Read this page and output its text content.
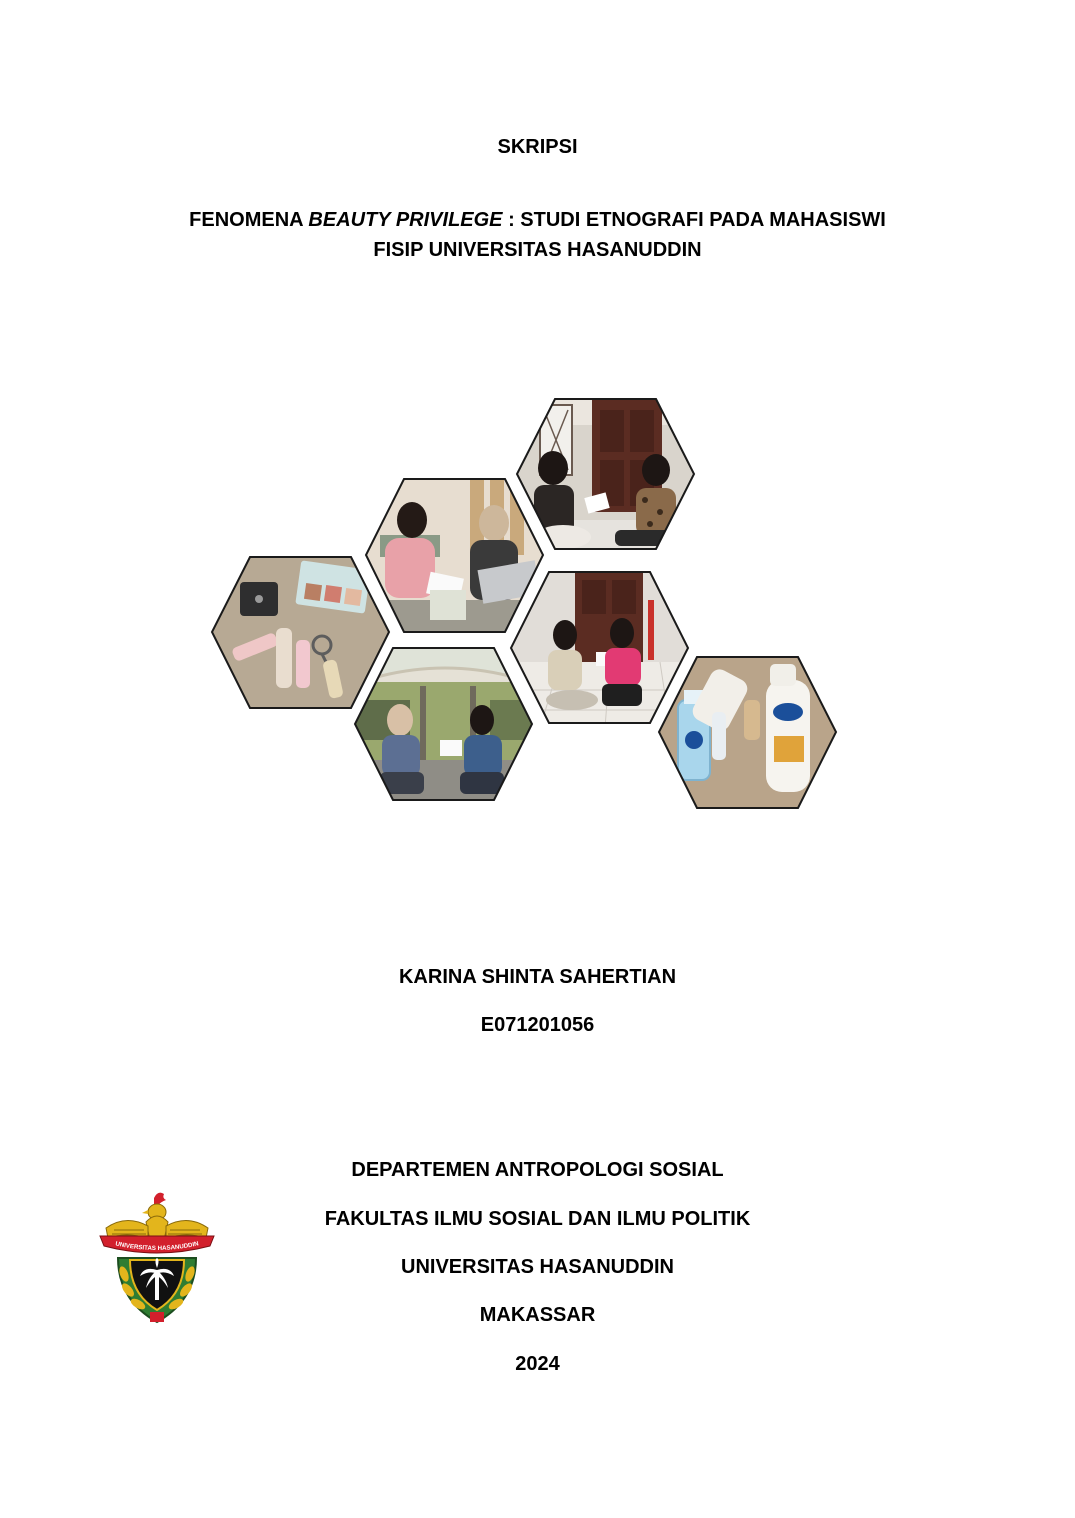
SKRIPSI
FENOMENA BEAUTY PRIVILEGE : STUDI ETNOGRAFI PADA MAHASISWI
FISIP UNIVERSITAS HASANUDDIN
KARINA SHINTA SAHERTIAN
E071201056
UNIVERSITAS HASANUDDIN
DEPARTEMEN ANTROPOLOGI SOSIAL
FAKULTAS ILMU SOSIAL DAN ILMU POLITIK
UNIVERSITAS HASANUDDIN
MAKASSAR
2024
